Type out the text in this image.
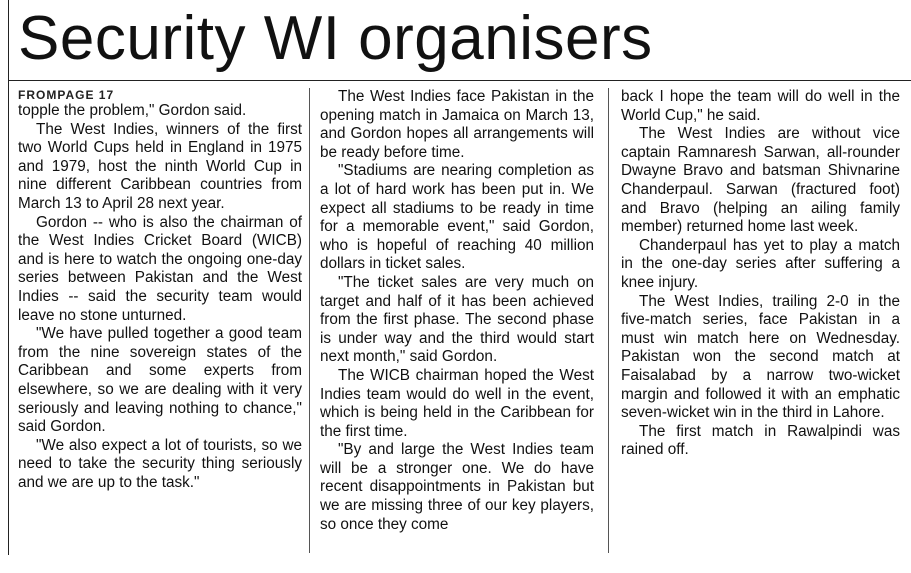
Security WI organisers
FROMPAGE 17

topple the problem," Gordon said.

The West Indies, winners of the first two World Cups held in England in 1975 and 1979, host the ninth World Cup in nine different Caribbean countries from March 13 to April 28 next year.

Gordon -- who is also the chairman of the West Indies Cricket Board (WICB) and is here to watch the ongoing one-day series between Pakistan and the West Indies -- said the security team would leave no stone unturned.

"We have pulled together a good team from the nine sovereign states of the Caribbean and some experts from elsewhere, so we are dealing with it very seriously and leaving nothing to chance," said Gordon.

"We also expect a lot of tourists, so we need to take the security thing seriously and we are up to the task."

The West Indies face Pakistan in the opening match in Jamaica on March 13, and Gordon hopes all arrangements will be ready before time.

"Stadiums are nearing completion as a lot of hard work has been put in. We expect all stadiums to be ready in time for a memorable event," said Gordon, who is hopeful of reaching 40 million dollars in ticket sales.

"The ticket sales are very much on target and half of it has been achieved from the first phase. The second phase is under way and the third would start next month," said Gordon.

The WICB chairman hoped the West Indies team would do well in the event, which is being held in the Caribbean for the first time.

"By and large the West Indies team will be a stronger one. We do have recent disappointments in Pakistan but we are missing three of our key players, so once they come

back I hope the team will do well in the World Cup," he said.

The West Indies are without vice captain Ramnaresh Sarwan, all-rounder Dwayne Bravo and batsman Shivnarine Chanderpaul. Sarwan (fractured foot) and Bravo (helping an ailing family member) returned home last week.

Chanderpaul has yet to play a match in the one-day series after suffering a knee injury.

The West Indies, trailing 2-0 in the five-match series, face Pakistan in a must win match here on Wednesday. Pakistan won the second match at Faisalabad by a narrow two-wicket margin and followed it with an emphatic seven-wicket win in the third in Lahore.

The first match in Rawalpindi was rained off.
